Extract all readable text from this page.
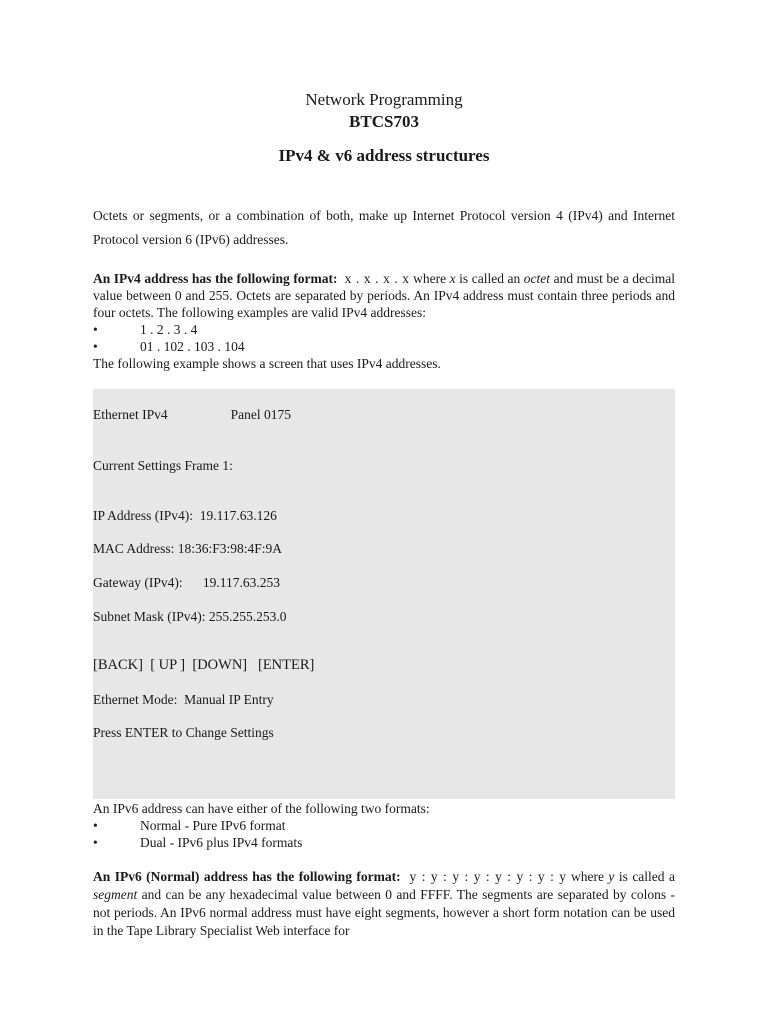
Network Programming
BTCS703
IPv4 & v6 address structures
Octets or segments, or a combination of both, make up Internet Protocol version 4 (IPv4) and Internet Protocol version 6 (IPv6) addresses.
An IPv4 address has the following format: x . x . x . x where x is called an octet and must be a decimal value between 0 and 255. Octets are separated by periods. An IPv4 address must contain three periods and four octets. The following examples are valid IPv4 addresses:
•	1 . 2 . 3 . 4
•	01 . 102 . 103 . 104
The following example shows a screen that uses IPv4 addresses.
Ethernet IPv4	Panel 0175
Current Settings Frame 1:
IP Address (IPv4):  19.117.63.126
MAC Address: 18:36:F3:98:4F:9A
Gateway (IPv4):      19.117.63.253
Subnet Mask (IPv4): 255.255.253.0
[BACK] [ UP ] [DOWN] [ENTER]
Ethernet Mode:  Manual IP Entry
Press ENTER to Change Settings
An IPv6 address can have either of the following two formats:
•	Normal - Pure IPv6 format
•	Dual - IPv6 plus IPv4 formats
An IPv6 (Normal) address has the following format: y : y : y : y : y : y : y : y where y is called a segment and can be any hexadecimal value between 0 and FFFF. The segments are separated by colons - not periods. An IPv6 normal address must have eight segments, however a short form notation can be used in the Tape Library Specialist Web interface for
